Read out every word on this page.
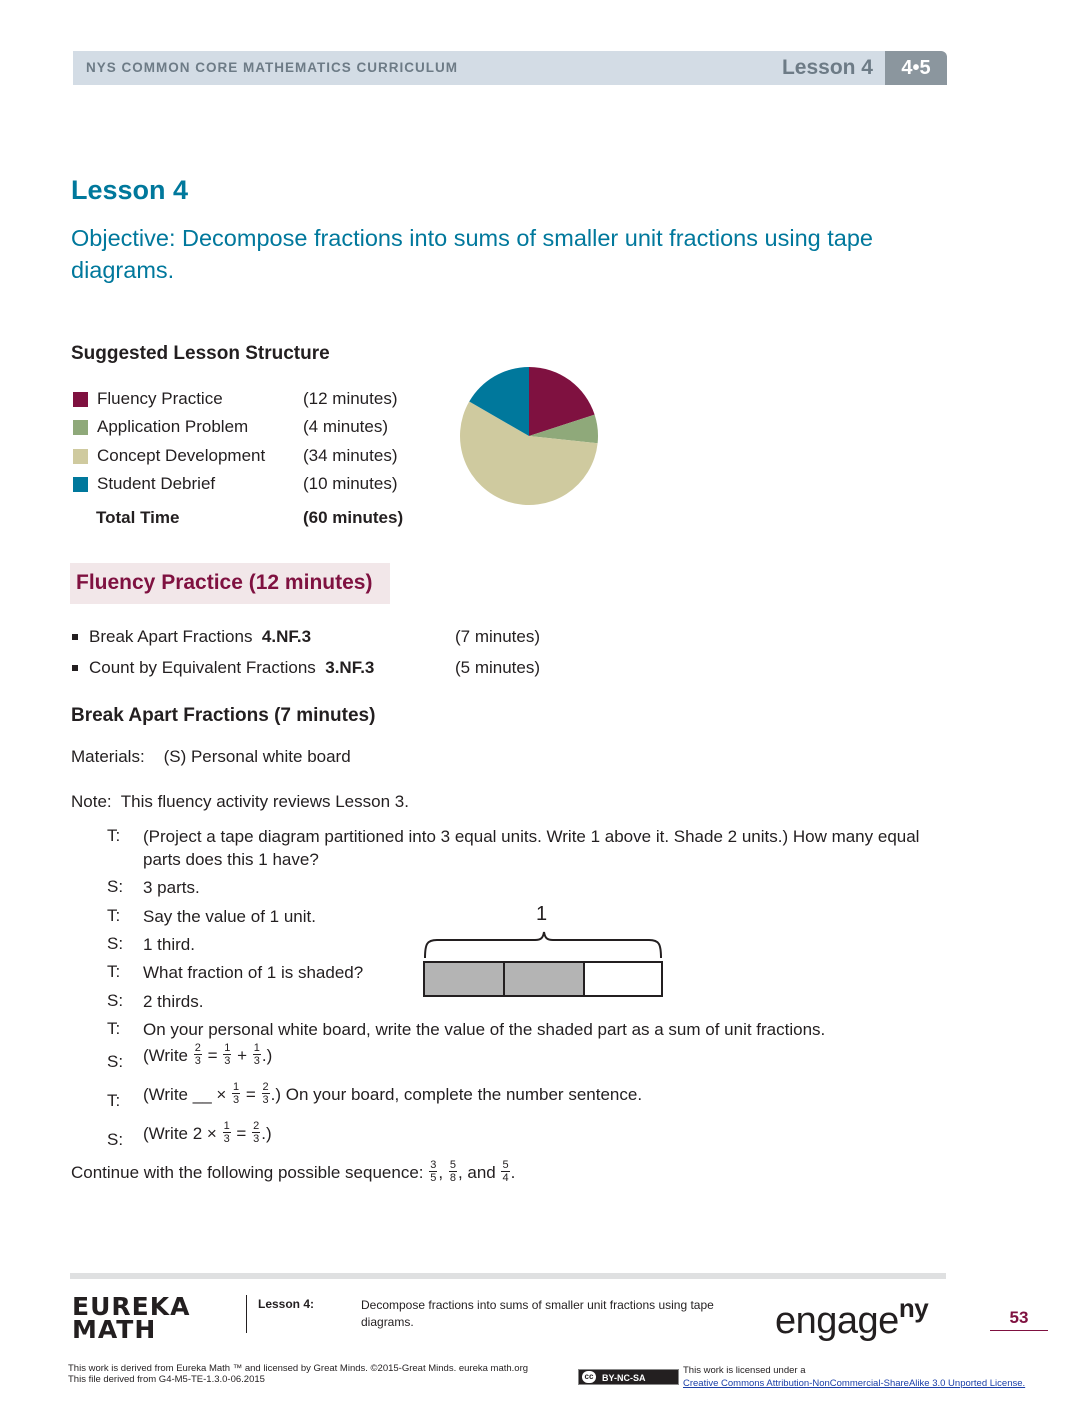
NYS COMMON CORE MATHEMATICS CURRICULUM	Lesson 4	4•5
Lesson 4
Objective: Decompose fractions into sums of smaller unit fractions using tape diagrams.
Suggested Lesson Structure
Fluency Practice	(12 minutes)
Application Problem	(4 minutes)
Concept Development (34 minutes)
Student Debrief	(10 minutes)
Total Time	(60 minutes)
Fluency Practice (12 minutes)
Break Apart Fractions 4.NF.3	(7 minutes)
Count by Equivalent Fractions 3.NF.3	(5 minutes)
Break Apart Fractions (7 minutes)
Materials:    (S) Personal white board
Note:  This fluency activity reviews Lesson 3.
T: (Project a tape diagram partitioned into 3 equal units. Write 1 above it. Shade 2 units.) How many equal parts does this 1 have?
S: 3 parts.
T: Say the value of 1 unit.
S: 1 third.
T: What fraction of 1 is shaded?
S: 2 thirds.
T: On your personal white board, write the value of the shaded part as a sum of unit fractions.
S: (Write $\frac{2}{3} = \frac{1}{3} + \frac{1}{3}$ .)
T: (Write __ × $\frac{1}{3} = \frac{2}{3}$ .) On your board, complete the number sentence.
S: (Write $2 \times \frac{1}{3} = \frac{2}{3}$ .)
Continue with the following possible sequence: $\frac{3}{5}$ , $\frac{5}{8}$ , and $\frac{5}{4}$ .
1
EUREKA
MATH
Lesson 4:	Decompose fractions into sums of smaller unit fractions using tape diagrams.	engage$^{ny}$	53
This work is derived from Eureka Math ™ and licensed by Great Minds. ©2015-Great Minds. eureka math.org
This file derived from G4-M5-TE-1.3.0-06.2015	cc BY-NC-SA
This work is licensed under a
Creative Commons Attribution-NonCommercial-ShareAlike 3.0 Unported License.
